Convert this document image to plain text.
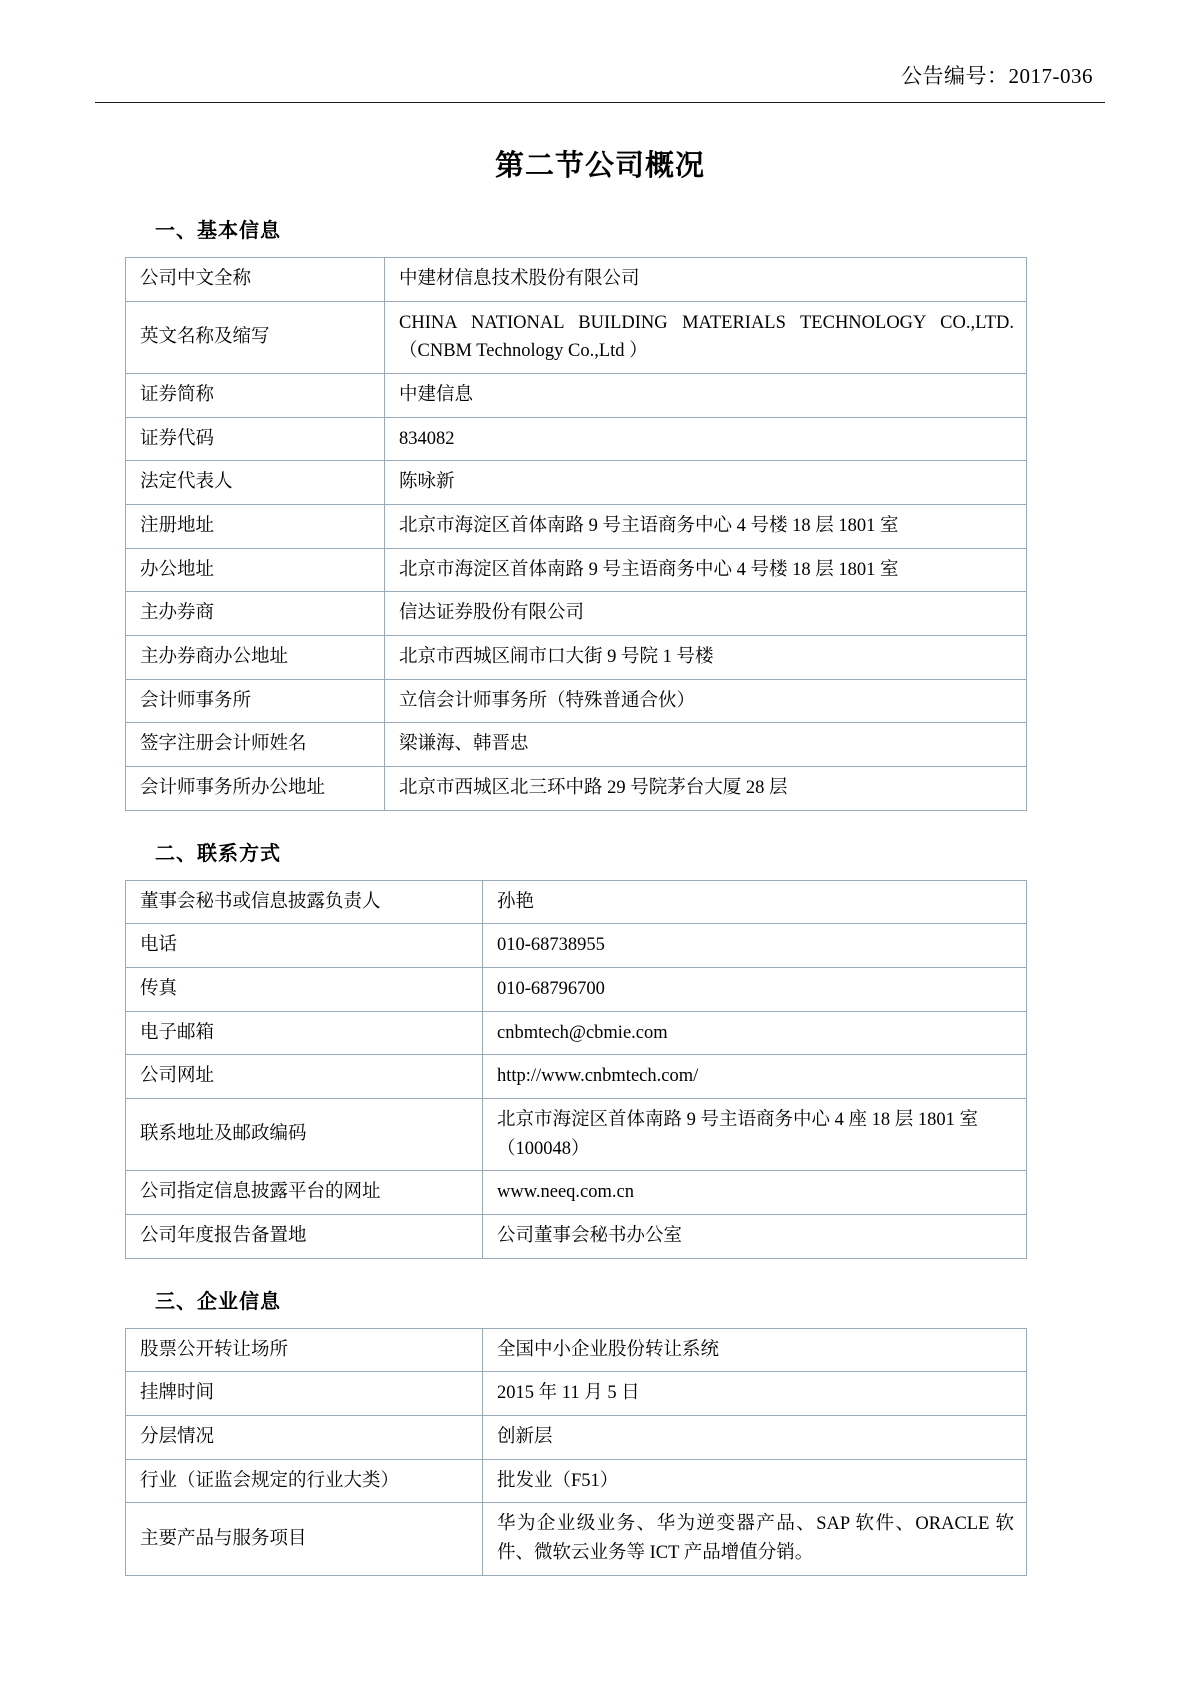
公告编号：2017-036
第二节公司概况
一、基本信息
公司中文全称	中建材信息技术股份有限公司
英文名称及缩写	CHINA NATIONAL BUILDING MATERIALS TECHNOLOGY CO.,LTD.
（CNBM Technology Co.,Ltd ）

证券简称	中建信息
证券代码	834082
法定代表人	陈咏新
注册地址	北京市海淀区首体南路 9 号主语商务中心 4 号楼 18 层 1801 室
办公地址	北京市海淀区首体南路 9 号主语商务中心 4 号楼 18 层 1801 室
主办券商	信达证券股份有限公司
主办券商办公地址	北京市西城区闹市口大街 9 号院 1 号楼
会计师事务所	立信会计师事务所（特殊普通合伙）
签字注册会计师姓名	梁谦海、韩晋忠
会计师事务所办公地址	北京市西城区北三环中路 29 号院茅台大厦 28 层
二、联系方式
董事会秘书或信息披露负责人	孙艳
电话	010-68738955
传真	010-68796700
电子邮箱	cnbmtech@cbmie.com
公司网址	http://www.cnbmtech.com/
联系地址及邮政编码	北京市海淀区首体南路 9 号主语商务中心 4 座 18 层 1801 室
（100048）

公司指定信息披露平台的网址	www.neeq.com.cn
公司年度报告备置地	公司董事会秘书办公室
三、企业信息
股票公开转让场所	全国中小企业股份转让系统
挂牌时间	2015 年 11 月 5 日
分层情况	创新层
行业（证监会规定的行业大类）	批发业（F51）
主要产品与服务项目	华为企业级业务、华为逆变器产品、SAP 软件、ORACLE 软
件、微软云业务等 ICT 产品增值分销。
